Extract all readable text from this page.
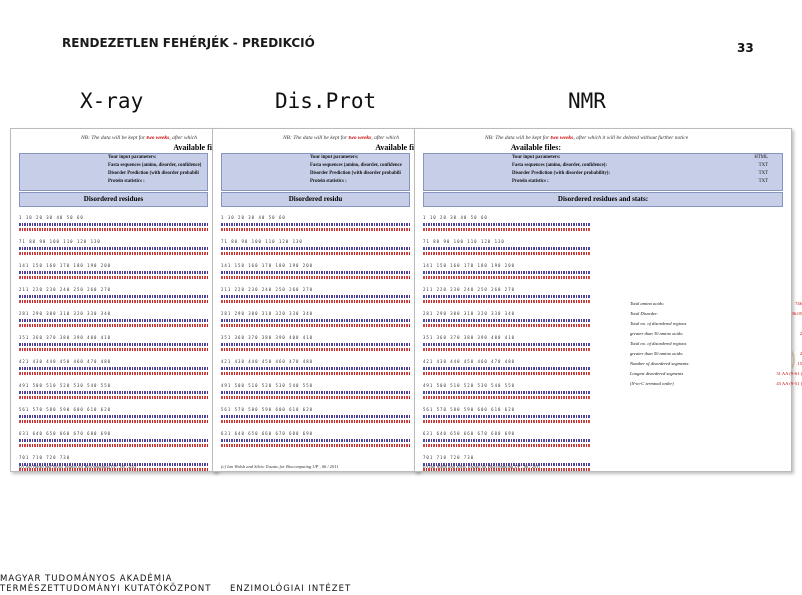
RENDEZETLEN FEHÉRJÉK - PREDIKCIÓ	33
X-ray	Dis.Prot	NMR
NB: The data will be kept for two weeks, after which
Available fi
Your input parameters:
Fasta sequences (amino, disorder, confidence)
Disorder Prediction (with disorder probabili
Protein statistics :
Disordered residues
1 10 20 30 40 50 60
71 80 90 100 110 120 130
141 150 160 170 180 190 200
211 220 230 240 250 260 270
281 290 300 310 320 330 340
351 360 370 380 390 400 410
421 430 440 450 460 470 480
491 500 510 520 530 540 550
561 570 580 590 600 610 620
631 640 650 660 670 680 690
701 710 720 730
(c) Jon Walsh and Silvio Tosatto for Biocomputing UP , 06 / 2011
NB: The data will be kept for two weeks, after which
Available fi
Your input parameters:
Fasta sequences (amino, disorder, confidence
Disorder Prediction (with disorder probabili
Protein statistics :
Disordered residu
1 10 20 30 40 50 60
71 80 90 100 110 120 130
141 150 160 170 180 190 200
211 220 230 240 250 260 270
281 290 300 310 320 330 340
351 360 370 380 390 400 410
421 430 440 450 460 470 480
491 500 510 520 530 540 550
561 570 580 590 600 610 620
631 640 650 660 670 680 690
(c) Ian Walsh and Silvio Tosatto for Biocomputing UP , 06 / 2011
NB: The data will be kept for two weeks, after which it will be deleted without further notice
Available files:
Your input parameters:	HTML
Fasta sequences (amino, disorder, confidence):	TXT
Disorder Prediction (with disorder probability):	TXT
Protein statistics :	TXT
Disordered residues and stats:
1 10 20 30 40 50 60
71 80 90 100 110 120 130
141 150 160 170 180 190 200
211 220 230 240 250 260 270
281 290 300 310 320 330 340
351 360 370 380 390 400 410
421 430 440 450 460 470 480
491 500 510 520 530 540 550
561 570 580 590 600 610 620
631 640 650 660 670 680 690
701 710 720 730
Total amino acids:	746
Total Disorder:	36.05
Total no. of disordered regions
greater than 30 amino acids:	2
Total no. of disordered regions
greater than 50 amino acids:	2
Number of disordered segments:	15
Longest disordered segments	31 AA (9-61 )
(N-to-C terminal order)	43 AA (9-51 )
(c) Ian Walsh and Silvio Tosatto for Biocomputing UP , 06 / 2011
MAGYAR TUDOMÁNYOS AKADÉMIA
TERMÉSZETTUDOMÁNYI KUTATÓKÖZPONT ENZIMOLÓGIAI INTÉZET
